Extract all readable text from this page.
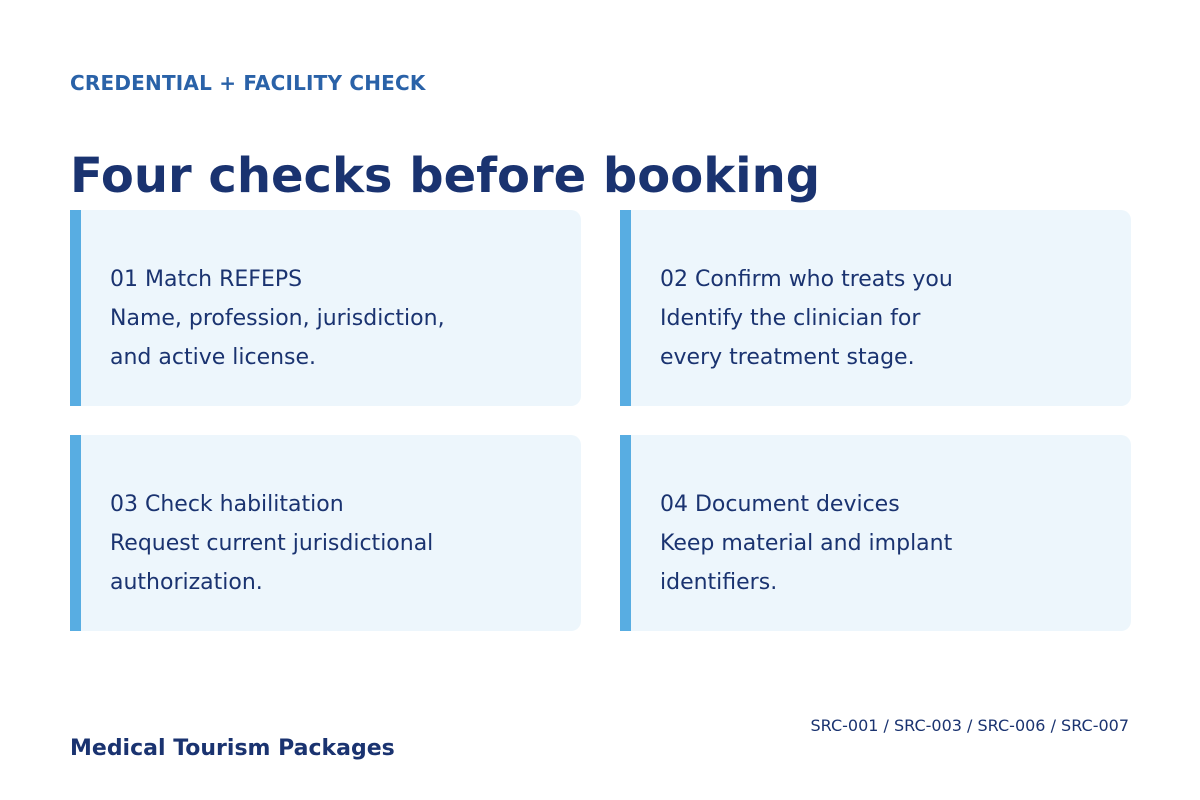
CREDENTIAL + FACILITY CHECK
Four checks before booking
01 Match REFEPS
Name, profession, jurisdiction,
and active license.
02 Confirm who treats you
Identify the clinician for
every treatment stage.
03 Check habilitation
Request current jurisdictional
authorization.
04 Document devices
Keep material and implant
identifiers.
SRC-001 / SRC-003 / SRC-006 / SRC-007
Medical Tourism Packages
